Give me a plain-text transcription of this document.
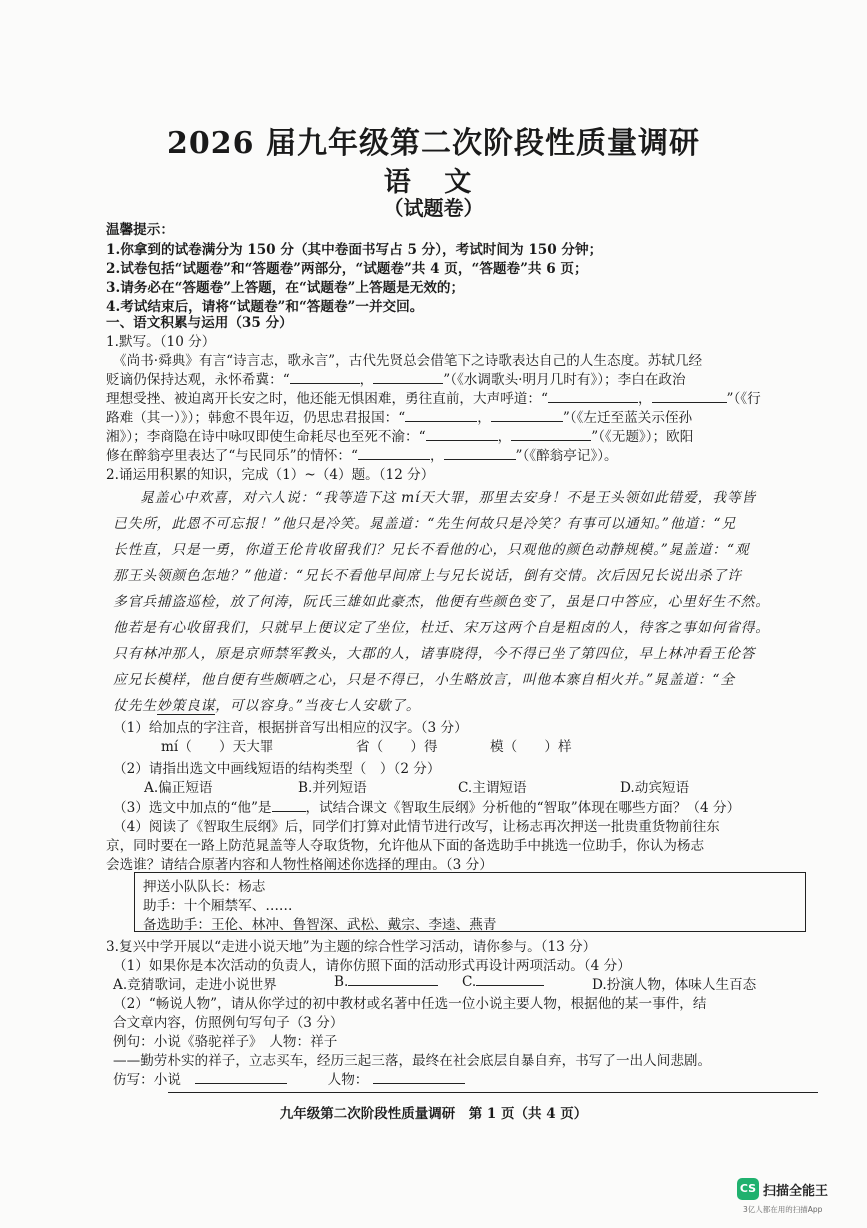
2026 届九年级第二次阶段性质量调研
语 文
（试题卷）
温馨提示：
1.你拿到的试卷满分为 150 分（其中卷面书写占 5 分），考试时间为 150 分钟；
2.试卷包括“试题卷”和“答题卷”两部分，“试题卷”共 4 页，“答题卷”共 6 页；
3.请务必在“答题卷”上答题，在“试题卷”上答题是无效的；
4.考试结束后，请将“试题卷”和“答题卷”一并交回。
一、语文积累与运用（35 分）
1.默写。（10 分）
《尚书·舜典》有言“诗言志，歌永言”，古代先贤总会借笔下之诗歌表达自己的人生态度。苏轼几经
贬谪仍保持达观，永怀希冀：“	，	”（《水调歌头·明月几时有》）；李白在政治
理想受挫、被迫离开长安之时，他还能无惧困难，勇往直前，大声呼道：“	，	”（《行
路难（其一）》）；韩愈不畏年迈，仍思忠君报国：“	，	”（《左迁至蓝关示侄孙
湘》）；李商隐在诗中咏叹即使生命耗尽也至死不渝：“	，	”（《无题》）；欧阳
修在醉翁亭里表达了“与民同乐”的情怀：“	，	”（《醉翁亭记》）。
2.诵运用积累的知识，完成（1）~（4）题。（12 分）
晁盖心中欢喜，对六人说：“我等造下这 mí天大罪，那里去安身！不是王头领如此错爱，我等皆
已失所，此恩不可忘报！”他只是冷笑。晁盖道：“先生何故只是冷笑？有事可以通知。”他道：“兄
长性直，只是一勇，你道王伦肯收留我们？兄长不看他的心，只观他的颜色动静规模。”晁盖道：“观
那王头领颜色怎地？”他道：“兄长不看他早间席上与兄长说话，倒有交情。次后因兄长说出杀了许
多官兵捕盗巡检，放了何涛，阮氏三雄如此豪杰，他便有些颜色变了，虽是口中答应，心里好生不然。
他若是有心收留我们，只就早上便议定了坐位，杜迁、宋万这两个自是粗卤的人，待客之事如何省得。
只有林冲那人，原是京师禁军教头，大郡的人，诸事晓得，今不得已坐了第四位，早上林冲看王伦答
应兄长模样，他自便有些颇哂之心，只是不得已，小生略放言，叫他本寨自相火并。”晁盖道：“全
仗先生妙策良谋，可以容身。”当夜七人安歇了。
（1）给加点的字注音，根据拼音写出相应的汉字。（3 分）
mí（　　）天大罪	省（　　）得	模（　　）样
（2）请指出选文中画线短语的结构类型（　）（2 分）
A.偏正短语	B.并列短语	C.主谓短语	D.动宾短语
（3）选文中加点的“他”是	，试结合课文《智取生辰纲》分析他的“智取”体现在哪些方面？（4 分）
（4）阅读了《智取生辰纲》后，同学们打算对此情节进行改写，让杨志再次押送一批贵重货物前往东
京，同时要在一路上防范晁盖等人夺取货物，允许他从下面的备选助手中挑选一位助手，你认为杨志
会选谁？请结合原著内容和人物性格阐述你选择的理由。（3 分）
押送小队队长：杨志
助手：十个厢禁军、……
备选助手：王伦、林冲、鲁智深、武松、戴宗、李逵、燕青
3.复兴中学开展以“走进小说天地”为主题的综合性学习活动，请你参与。（13 分）
（1）如果你是本次活动的负责人，请你仿照下面的活动形式再设计两项活动。（4 分）
A.竞猜歌词，走进小说世界	B.	C.	D.扮演人物，体味人生百态
（2）“畅说人物”，请从你学过的初中教材或名著中任选一位小说主要人物，根据他的某一事件，结
合文章内容，仿照例句写句子（3 分）
例句：小说《骆驼祥子》　人物：祥子
——勤劳朴实的祥子，立志买车，经历三起三落，最终在社会底层自暴自弃，书写了一出人间悲剧。
仿写：小说	人物：
九年级第二次阶段性质量调研　第 1 页（共 4 页）
CS 扫描全能王
3亿人都在用的扫描App
